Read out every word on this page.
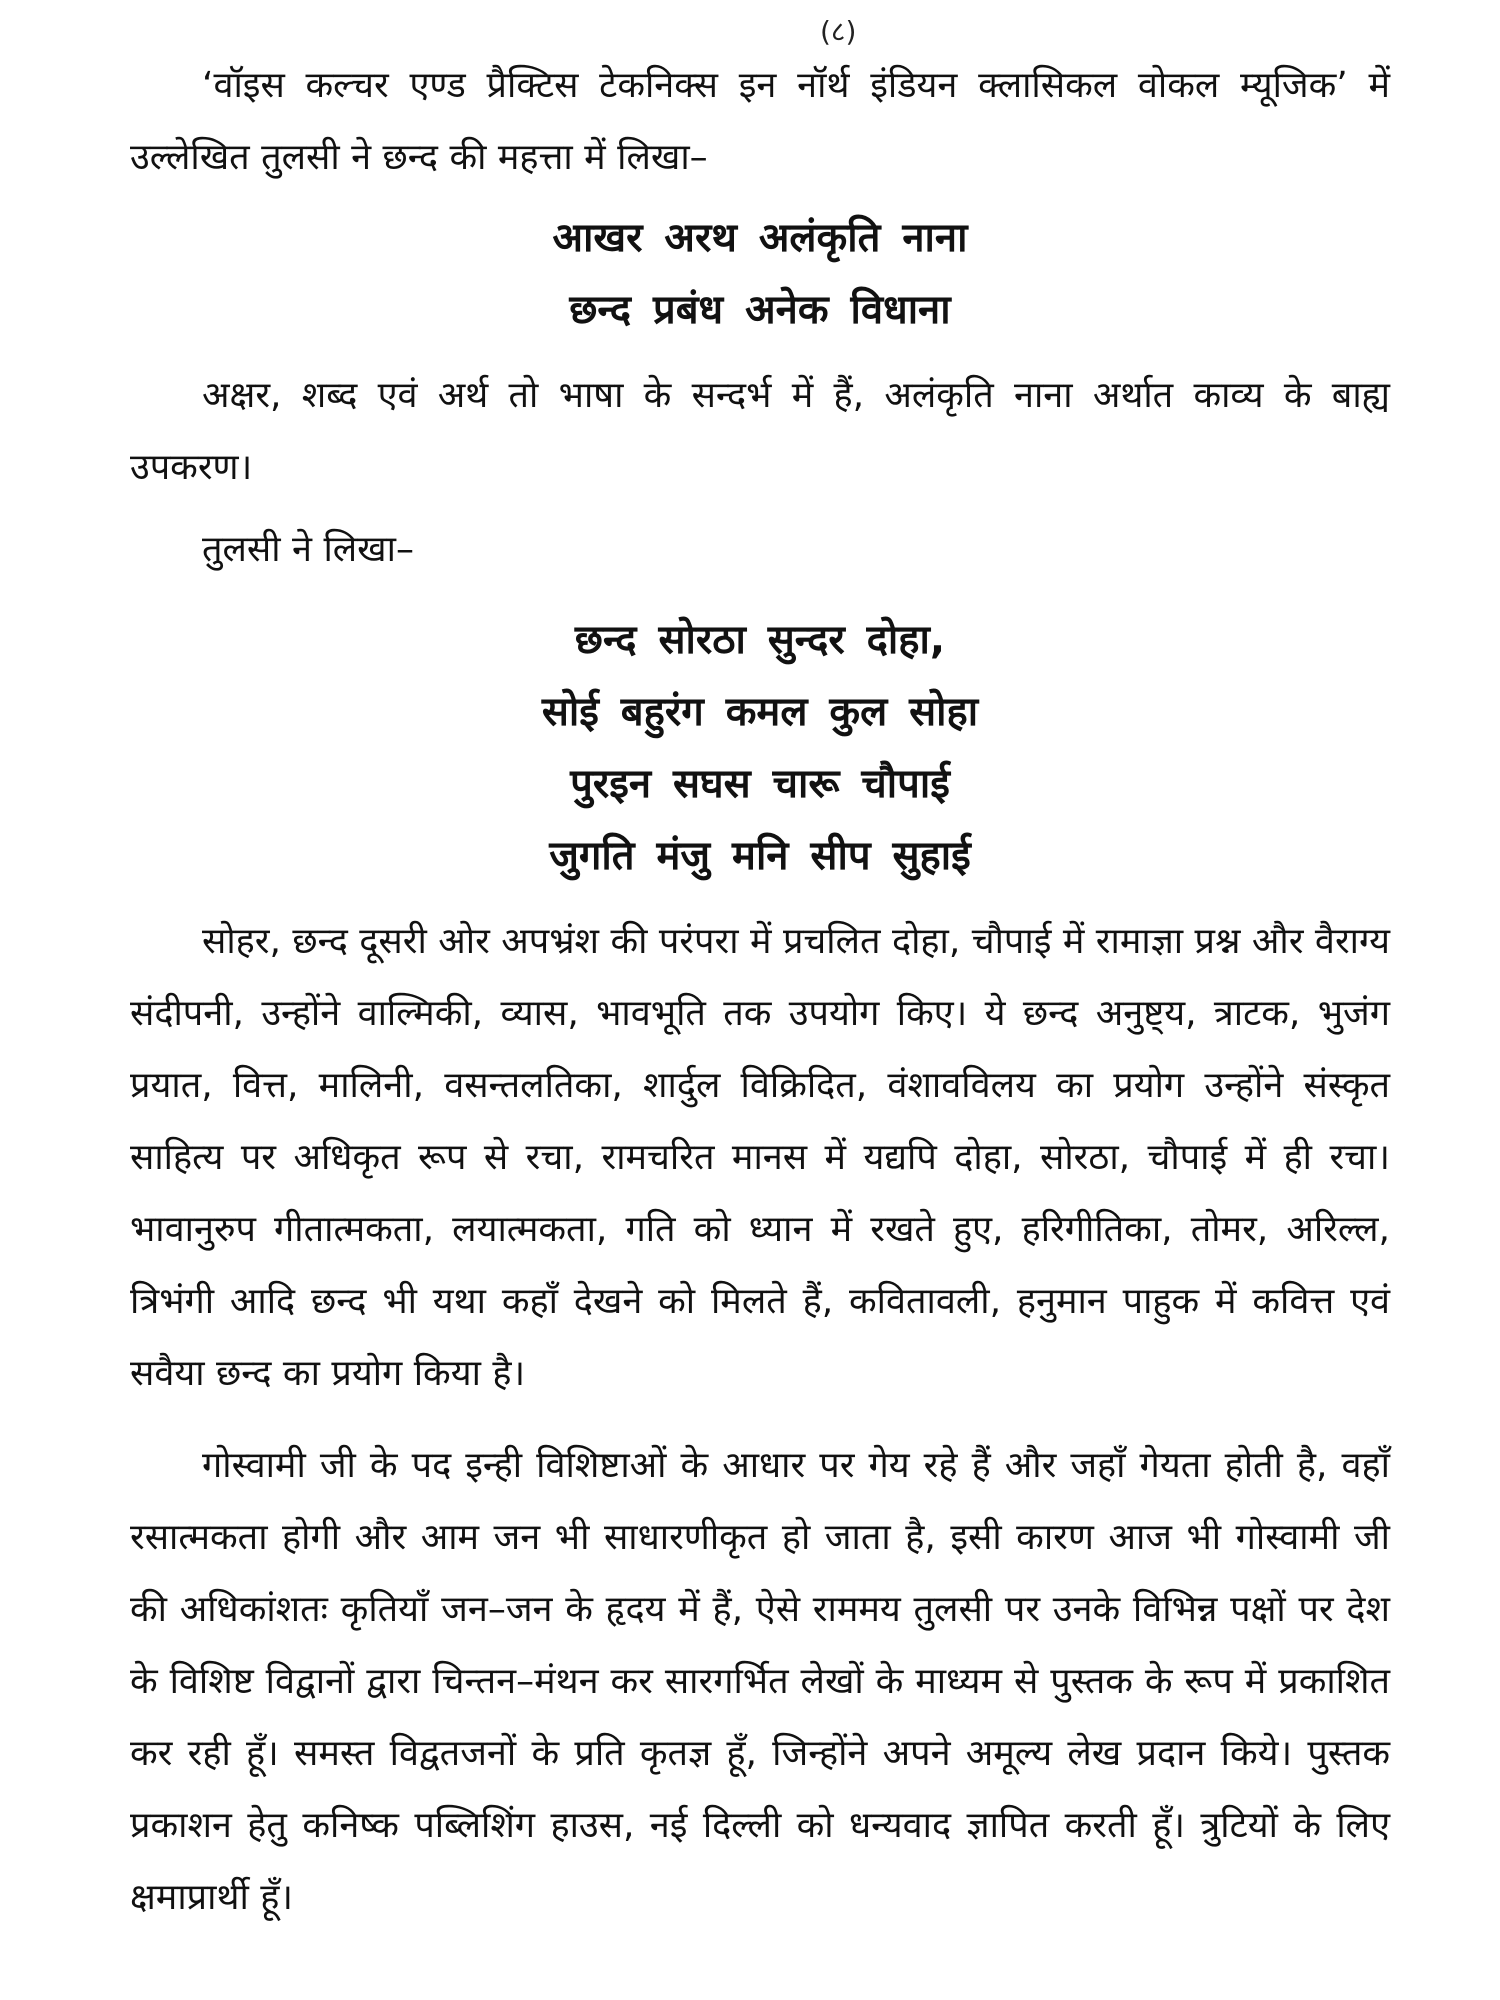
(८)

‘वॉइस कल्चर एण्ड प्रैक्टिस टेकनिक्स इन नॉर्थ इंडियन क्लासिकल वोकल म्यूजिक’ में उल्लेखित तुलसी ने छन्द की महत्ता में लिखा–

आखर अरथ अलंकृति नाना

छन्द प्रबंध अनेक विधाना

अक्षर, शब्द एवं अर्थ तो भाषा के सन्दर्भ में हैं, अलंकृति नाना अर्थात काव्य के बाह्य उपकरण।

तुलसी ने लिखा–

छन्द सोरठा सुन्दर दोहा,

सोई बहुरंग कमल कुल सोहा

पुरइन सघस चारू चौपाई

जुगति मंजु मनि सीप सुहाई

सोहर, छन्द दूसरी ओर अपभ्रंश की परंपरा में प्रचलित दोहा, चौपाई में रामाज्ञा प्रश्न और वैराग्य संदीपनी, उन्होंने वाल्मिकी, व्यास, भावभूति तक उपयोग किए। ये छन्द अनुष्ट्य, त्राटक, भुजंग प्रयात, वित्त, मालिनी, वसन्तलतिका, शार्दुल विक्रिदित, वंशावविलय का प्रयोग उन्होंने संस्कृत साहित्य पर अधिकृत रूप से रचा, रामचरित मानस में यद्यपि दोहा, सोरठा, चौपाई में ही रचा। भावानुरुप गीतात्मकता, लयात्मकता, गति को ध्यान में रखते हुए, हरिगीतिका, तोमर, अरिल्ल, त्रिभंगी आदि छन्द भी यथा कहाँ देखने को मिलते हैं, कवितावली, हनुमान पाहुक में कवित्त एवं सवैया छन्द का प्रयोग किया है।

गोस्वामी जी के पद इन्ही विशिष्टाओं के आधार पर गेय रहे हैं और जहाँ गेयता होती है, वहाँ रसात्मकता होगी और आम जन भी साधारणीकृत हो जाता है, इसी कारण आज भी गोस्वामी जी की अधिकांशतः कृतियाँ जन–जन के हृदय में हैं, ऐसे राममय तुलसी पर उनके विभिन्न पक्षों पर देश के विशिष्ट विद्वानों द्वारा चिन्तन–मंथन कर सारगर्भित लेखों के माध्यम से पुस्तक के रूप में प्रकाशित कर रही हूँ। समस्त विद्वतजनों के प्रति कृतज्ञ हूँ, जिन्होंने अपने अमूल्य लेख प्रदान किये। पुस्तक प्रकाशन हेतु कनिष्क पब्लिशिंग हाउस, नई दिल्ली को धन्यवाद ज्ञापित करती हूँ। त्रुटियों के लिए क्षमाप्रार्थी हूँ।
